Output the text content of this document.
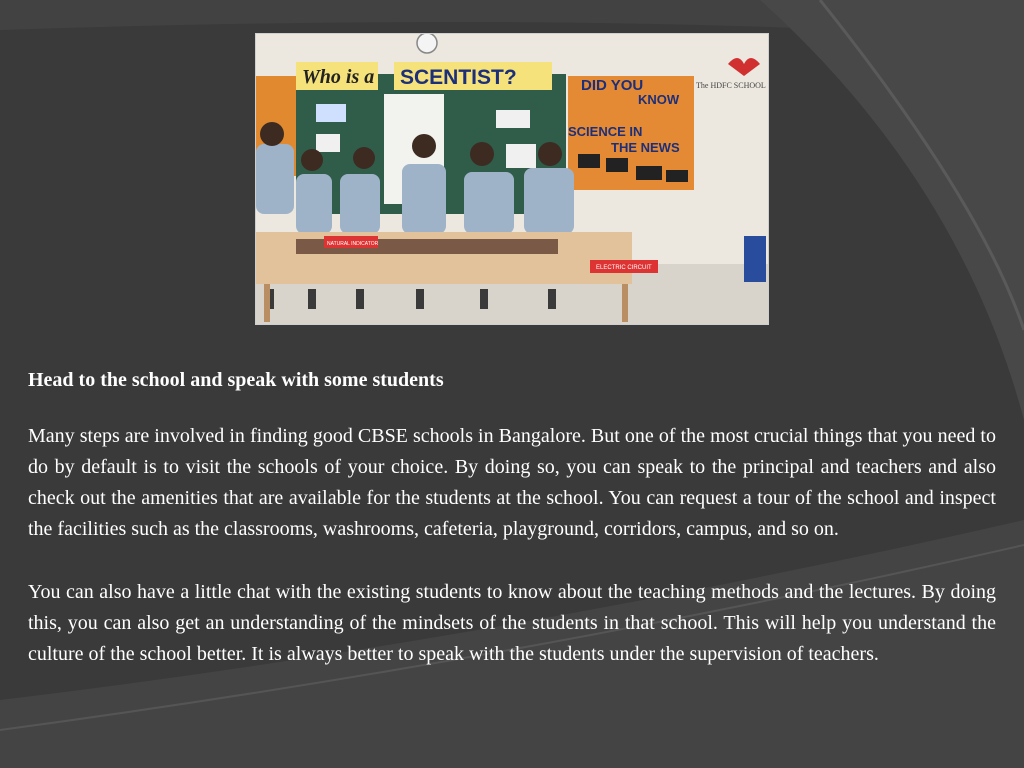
Who is a SCENTIST?	DID YOU
KNOW
SCIENCE IN
THE NEWS
The HDFC SCHOOL
NATURAL INDICATOR
ELECTRIC CIRCUIT
Head to the school and speak with some students

Many steps are involved in finding good CBSE schools in Bangalore. But one of the most crucial things that you need to do by default is to visit the schools of your choice. By doing so, you can speak to the principal and teachers and also check out the amenities that are available for the students at the school. You can request a tour of the school and inspect the facilities such as the classrooms, washrooms, cafeteria, playground, corridors, campus, and so on.

You can also have a little chat with the existing students to know about the teaching methods and the lectures. By doing this, you can also get an understanding of the mindsets of the students in that school. This will help you understand the culture of the school better. It is always better to speak with the students under the supervision of teachers.
